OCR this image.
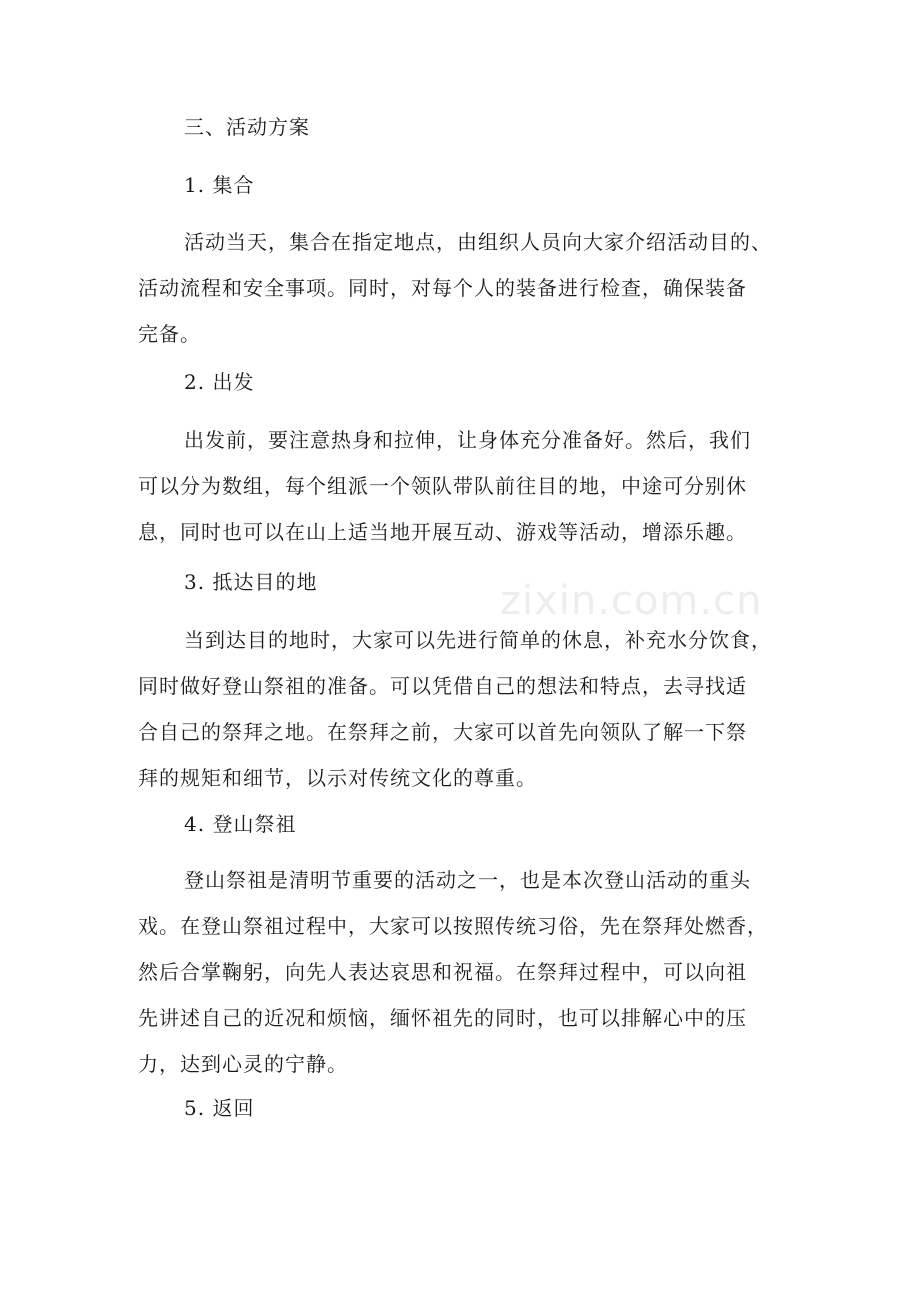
zixin.com.cn
三、活动方案
1. 集合
活动当天，集合在指定地点，由组织人员向大家介绍活动目的、
活动流程和安全事项。同时，对每个人的装备进行检查，确保装备
完备。
2. 出发
出发前，要注意热身和拉伸，让身体充分准备好。然后，我们
可以分为数组，每个组派一个领队带队前往目的地，中途可分别休
息，同时也可以在山上适当地开展互动、游戏等活动，增添乐趣。
3. 抵达目的地
当到达目的地时，大家可以先进行简单的休息，补充水分饮食，
同时做好登山祭祖的准备。可以凭借自己的想法和特点，去寻找适
合自己的祭拜之地。在祭拜之前，大家可以首先向领队了解一下祭
拜的规矩和细节，以示对传统文化的尊重。
4. 登山祭祖
登山祭祖是清明节重要的活动之一，也是本次登山活动的重头
戏。在登山祭祖过程中，大家可以按照传统习俗，先在祭拜处燃香，
然后合掌鞠躬，向先人表达哀思和祝福。在祭拜过程中，可以向祖
先讲述自己的近况和烦恼，缅怀祖先的同时，也可以排解心中的压
力，达到心灵的宁静。
5. 返回
